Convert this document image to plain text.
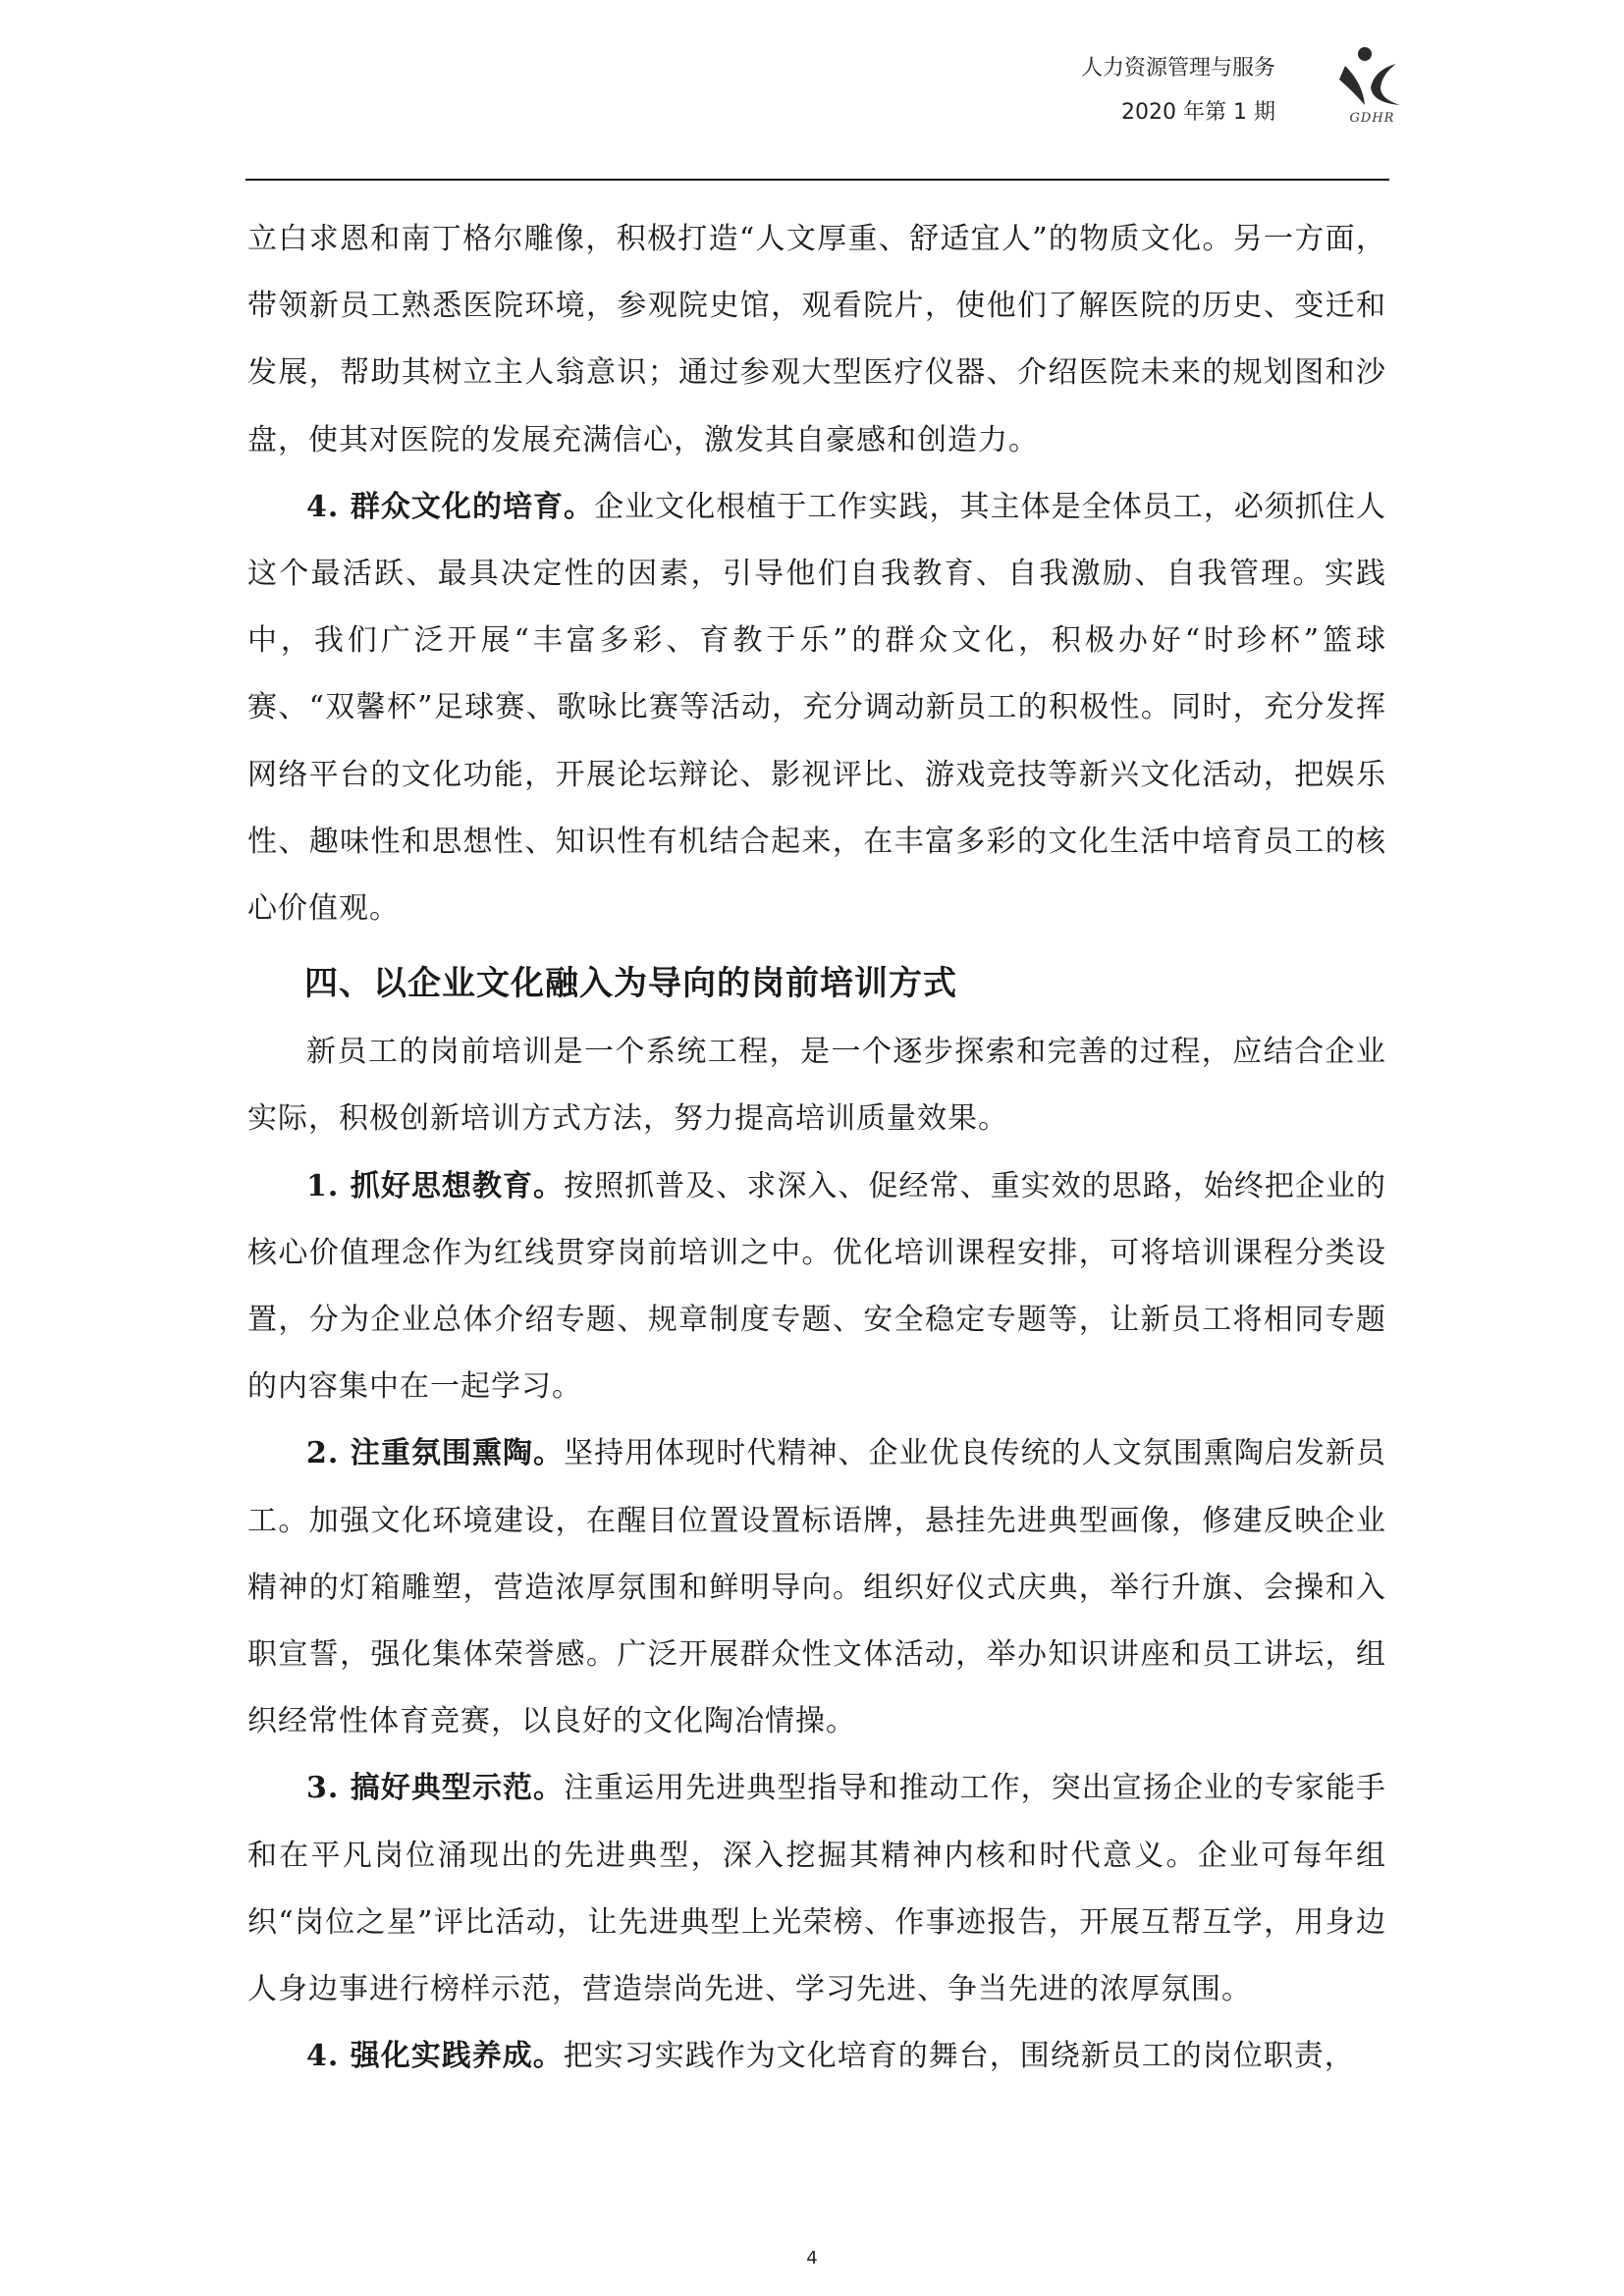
人力资源管理与服务
2020 年第 1 期	GDHR

立白求恩和南丁格尔雕像，积极打造“人文厚重、舒适宜人”的物质文化。另一方面，带领新员工熟悉医院环境，参观院史馆，观看院片，使他们了解医院的历史、变迁和发展，帮助其树立主人翁意识；通过参观大型医疗仪器、介绍医院未来的规划图和沙盘，使其对医院的发展充满信心，激发其自豪感和创造力。

4. 群众文化的培育。企业文化根植于工作实践，其主体是全体员工，必须抓住人这个最活跃、最具决定性的因素，引导他们自我教育、自我激励、自我管理。实践中，我们广泛开展“丰富多彩、育教于乐”的群众文化，积极办好“时珍杯”篮球赛、“双馨杯”足球赛、歌咏比赛等活动，充分调动新员工的积极性。同时，充分发挥网络平台的文化功能，开展论坛辩论、影视评比、游戏竞技等新兴文化活动，把娱乐性、趣味性和思想性、知识性有机结合起来，在丰富多彩的文化生活中培育员工的核心价值观。

四、以企业文化融入为导向的岗前培训方式

新员工的岗前培训是一个系统工程，是一个逐步探索和完善的过程，应结合企业实际，积极创新培训方式方法，努力提高培训质量效果。

1. 抓好思想教育。按照抓普及、求深入、促经常、重实效的思路，始终把企业的核心价值理念作为红线贯穿岗前培训之中。优化培训课程安排，可将培训课程分类设置，分为企业总体介绍专题、规章制度专题、安全稳定专题等，让新员工将相同专题的内容集中在一起学习。

2. 注重氛围熏陶。坚持用体现时代精神、企业优良传统的人文氛围熏陶启发新员工。加强文化环境建设，在醒目位置设置标语牌，悬挂先进典型画像，修建反映企业精神的灯箱雕塑，营造浓厚氛围和鲜明导向。组织好仪式庆典，举行升旗、会操和入职宣誓，强化集体荣誉感。广泛开展群众性文体活动，举办知识讲座和员工讲坛，组织经常性体育竞赛，以良好的文化陶冶情操。

3. 搞好典型示范。注重运用先进典型指导和推动工作，突出宣扬企业的专家能手和在平凡岗位涌现出的先进典型，深入挖掘其精神内核和时代意义。企业可每年组织“岗位之星”评比活动，让先进典型上光荣榜、作事迹报告，开展互帮互学，用身边人身边事进行榜样示范，营造崇尚先进、学习先进、争当先进的浓厚氛围。

4. 强化实践养成。把实习实践作为文化培育的舞台，围绕新员工的岗位职责，

4
